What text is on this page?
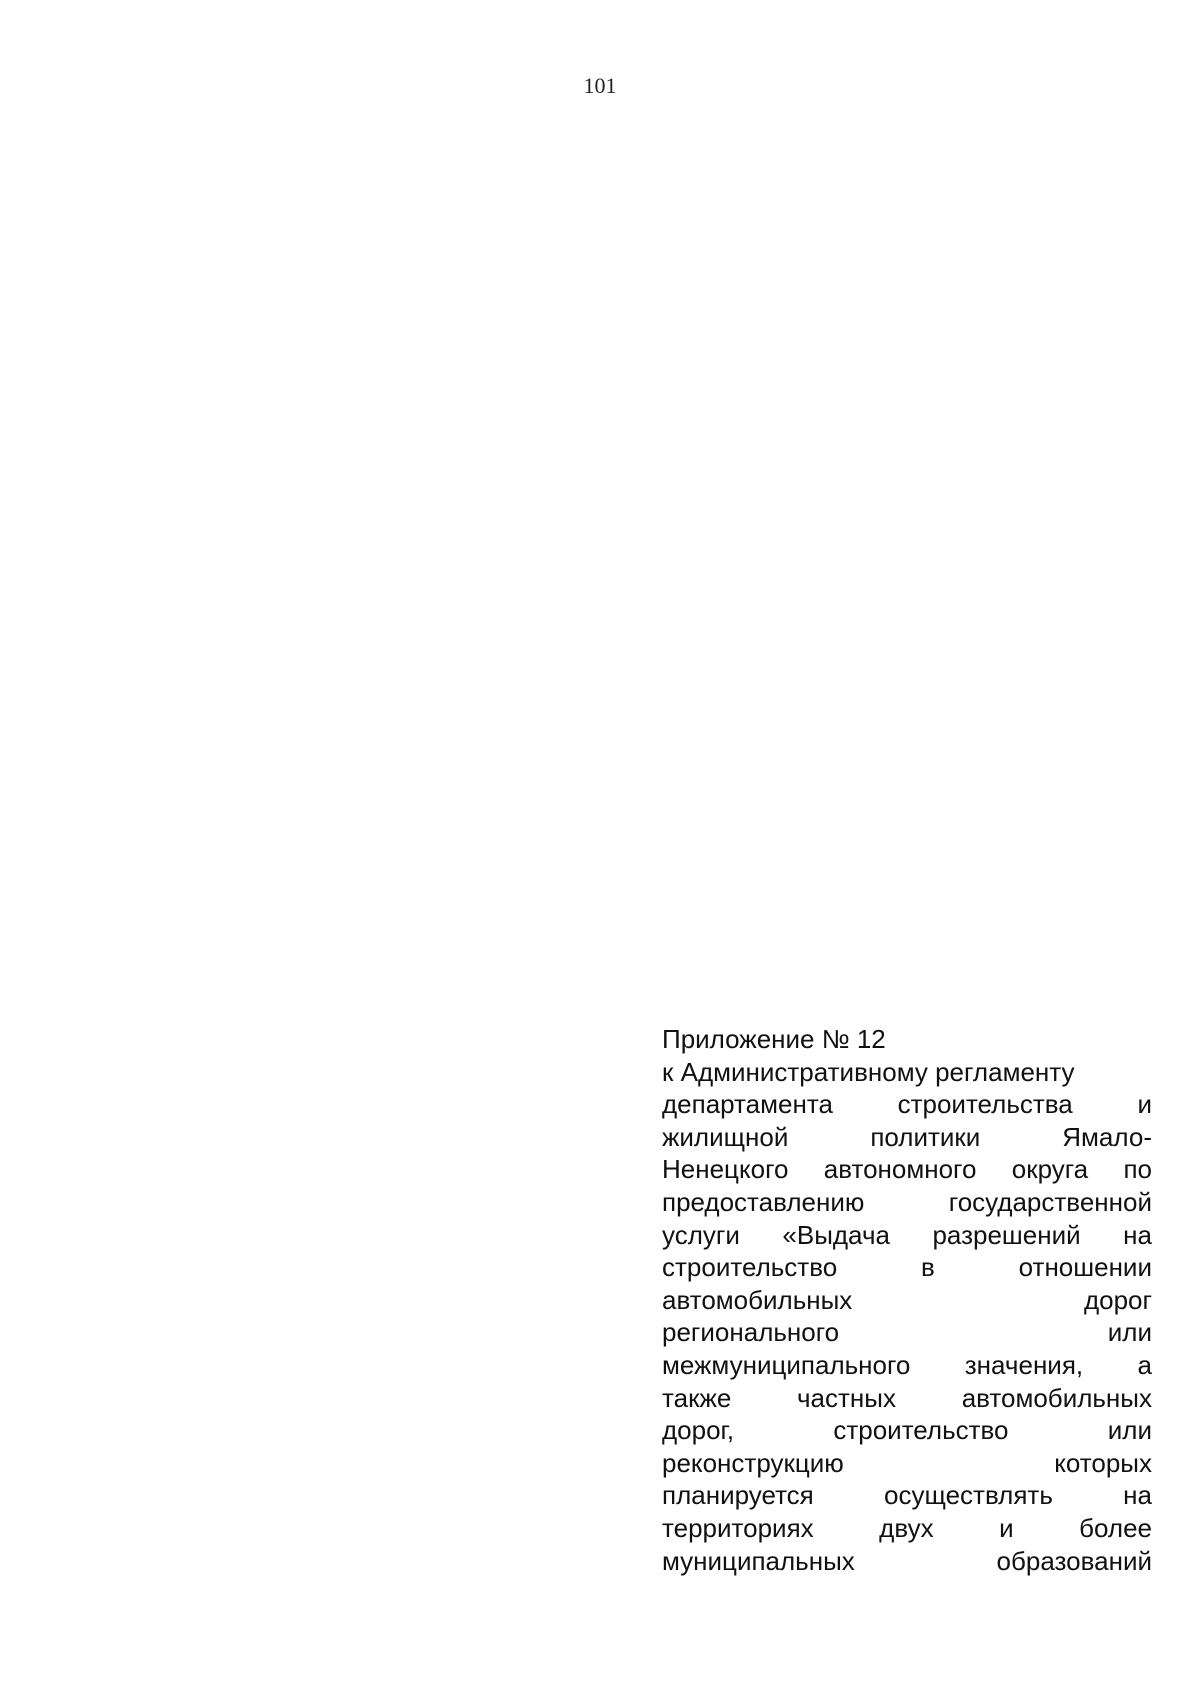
101
Приложение № 12
к Административному регламенту
департамента строительства и
жилищной	политики	Ямало-
Ненецкого автономного округа по
предоставлению	государственной
услуги «Выдача разрешений на
строительство	в	отношении
автомобильных	дорог
регионального	или
межмуниципального значения, а
также	частных	автомобильных
дорог,	строительство	или
реконструкцию	которых
планируется	осуществлять	на
территориях	двух	и	более
муниципальных	образований
